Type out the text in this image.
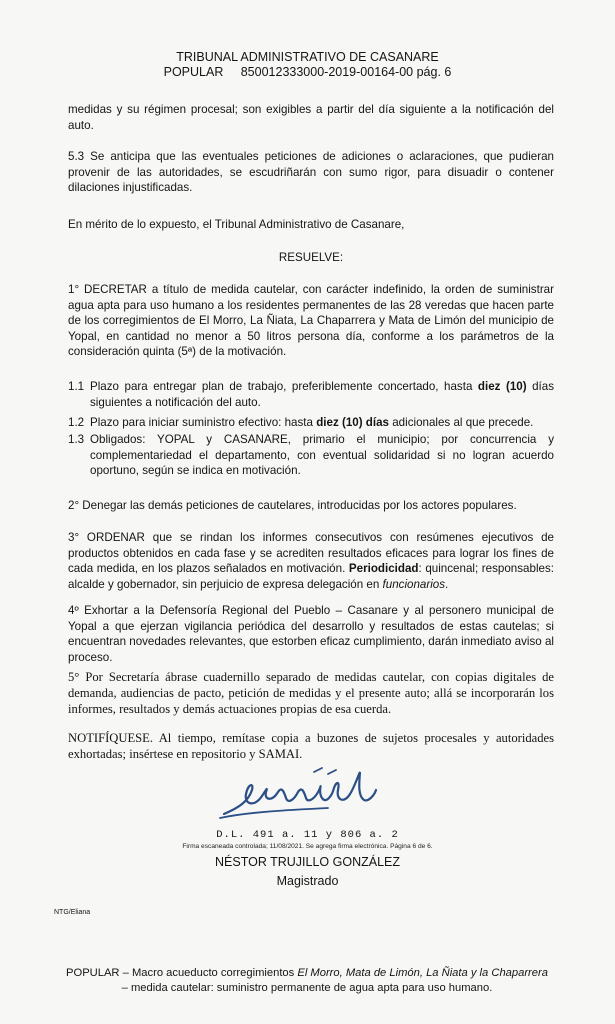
TRIBUNAL ADMINISTRATIVO DE CASANARE
POPULAR 850012333000-2019-00164-00 pág. 6

medidas y su régimen procesal; son exigibles a partir del día siguiente a la notificación del auto.

5.3 Se anticipa que las eventuales peticiones de adiciones o aclaraciones, que pudieran provenir de las autoridades, se escudriñarán con sumo rigor, para disuadir o contener dilaciones injustificadas.

En mérito de lo expuesto, el Tribunal Administrativo de Casanare,

RESUELVE:

1° DECRETAR a título de medida cautelar, con carácter indefinido, la orden de suministrar agua apta para uso humano a los residentes permanentes de las 28 veredas que hacen parte de los corregimientos de El Morro, La Ñiata, La Chaparrera y Mata de Limón del municipio de Yopal, en cantidad no menor a 50 litros persona día, conforme a los parámetros de la consideración quinta (5ª) de la motivación.

1.1 Plazo para entregar plan de trabajo, preferiblemente concertado, hasta diez (10) días siguientes a notificación del auto.
1.2 Plazo para iniciar suministro efectivo: hasta diez (10) días adicionales al que precede.
1.3 Obligados: YOPAL y CASANARE, primario el municipio; por concurrencia y complementariedad el departamento, con eventual solidaridad si no logran acuerdo oportuno, según se indica en motivación.

2° Denegar las demás peticiones de cautelares, introducidas por los actores populares.

3° ORDENAR que se rindan los informes consecutivos con resúmenes ejecutivos de productos obtenidos en cada fase y se acrediten resultados eficaces para lograr los fines de cada medida, en los plazos señalados en motivación. Periodicidad: quincenal; responsables: alcalde y gobernador, sin perjuicio de expresa delegación en funcionarios.

4º Exhortar a la Defensoría Regional del Pueblo – Casanare y al personero municipal de Yopal a que ejerzan vigilancia periódica del desarrollo y resultados de estas cautelas; si encuentran novedades relevantes, que estorben eficaz cumplimiento, darán inmediato aviso al proceso.

5° Por Secretaría ábrase cuadernillo separado de medidas cautelar, con copias digitales de demanda, audiencias de pacto, petición de medidas y el presente auto; allá se incorporarán los informes, resultados y demás actuaciones propias de esa cuerda.

NOTIFÍQUESE. Al tiempo, remítase copia a buzones de sujetos procesales y autoridades exhortadas; insértese en repositorio y SAMAI.

D.L. 491 a. 11 y 806 a. 2
Firma escaneada controlada; 11/08/2021. Se agrega firma electrónica. Página 6 de 6.
NÉSTOR TRUJILLO GONZÁLEZ
Magistrado
NTG/Eliana
POPULAR – Macro acueducto corregimientos El Morro, Mata de Limón, La Ñiata y la Chaparrera – medida cautelar: suministro permanente de agua apta para uso humano.
